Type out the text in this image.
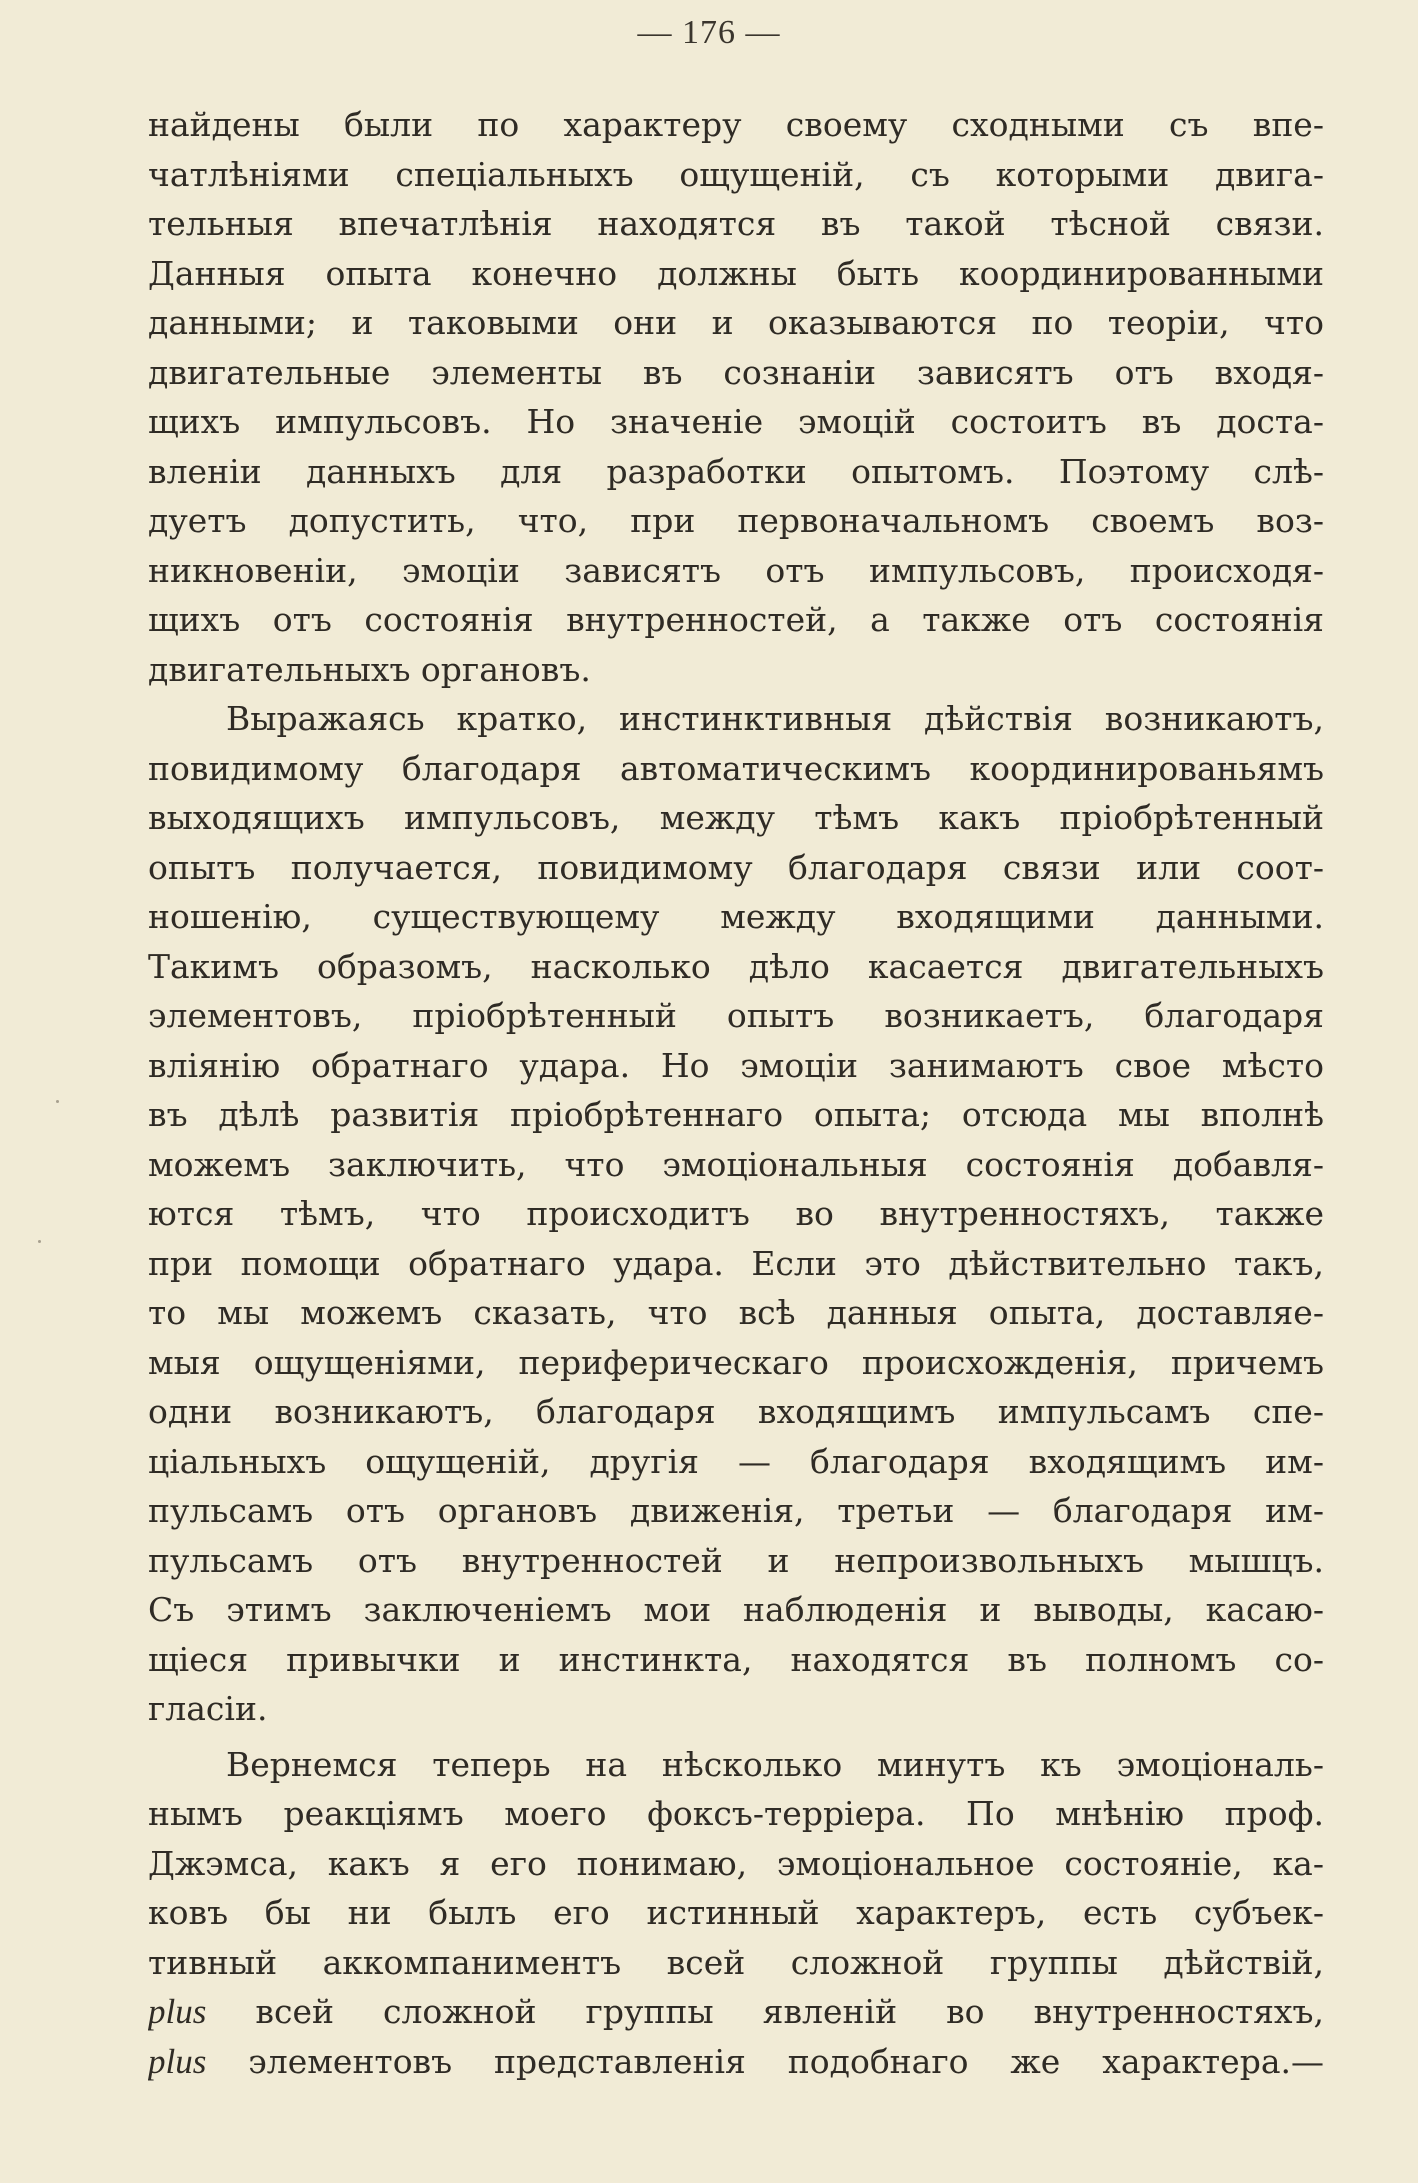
— 176 —
найдены были по характеру своему сходными съ впе-
чатлѣніями спеціальныхъ ощущеній, съ которыми двига-
тельныя впечатлѣнія находятся въ такой тѣсной связи.
Данныя опыта конечно должны быть координированными
данными; и таковыми они и оказываются по теоріи, что
двигательные элементы въ сознаніи зависятъ отъ входя-
щихъ импульсовъ. Но значеніе эмоцій состоитъ въ доста-
вленіи данныхъ для разработки опытомъ. Поэтому слѣ-
дуетъ допустить, что, при первоначальномъ своемъ воз-
никновеніи, эмоціи зависятъ отъ импульсовъ, происходя-
щихъ отъ состоянія внутренностей, а также отъ состоянія
двигательныхъ органовъ.
Выражаясь кратко, инстинктивныя дѣйствія возникаютъ,
повидимому благодаря автоматическимъ координированьямъ
выходящихъ импульсовъ, между тѣмъ какъ пріобрѣтенный
опытъ получается, повидимому благодаря связи или соот-
ношенію, существующему между входящими данными.
Такимъ образомъ, насколько дѣло касается двигательныхъ
элементовъ, пріобрѣтенный опытъ возникаетъ, благодаря
вліянію обратнаго удара. Но эмоціи занимаютъ свое мѣсто
въ дѣлѣ развитія пріобрѣтеннаго опыта; отсюда мы вполнѣ
можемъ заключить, что эмоціональныя состоянія добавля-
ются тѣмъ, что происходитъ во внутренностяхъ, также
при помощи обратнаго удара. Если это дѣйствительно такъ,
то мы можемъ сказать, что всѣ данныя опыта, доставляе-
мыя ощущеніями, периферическаго происхожденія, причемъ
одни возникаютъ, благодаря входящимъ импульсамъ спе-
ціальныхъ ощущеній, другія — благодаря входящимъ им-
пульсамъ отъ органовъ движенія, третьи — благодаря им-
пульсамъ отъ внутренностей и непроизвольныхъ мышцъ.
Съ этимъ заключеніемъ мои наблюденія и выводы, касаю-
щіеся привычки и инстинкта, находятся въ полномъ со-
гласіи.
Вернемся теперь на нѣсколько минутъ къ эмоціональ-
нымъ реакціямъ моего фоксъ-терріера. По мнѣнію проф.
Джэмса, какъ я его понимаю, эмоціональное состояніе, ка-
ковъ бы ни былъ его истинный характеръ, есть субъек-
тивный аккомпаниментъ всей сложной группы дѣйствій,
plus всей сложной группы явленій во внутренностяхъ,
plus элементовъ представленія подобнаго же характера.—
